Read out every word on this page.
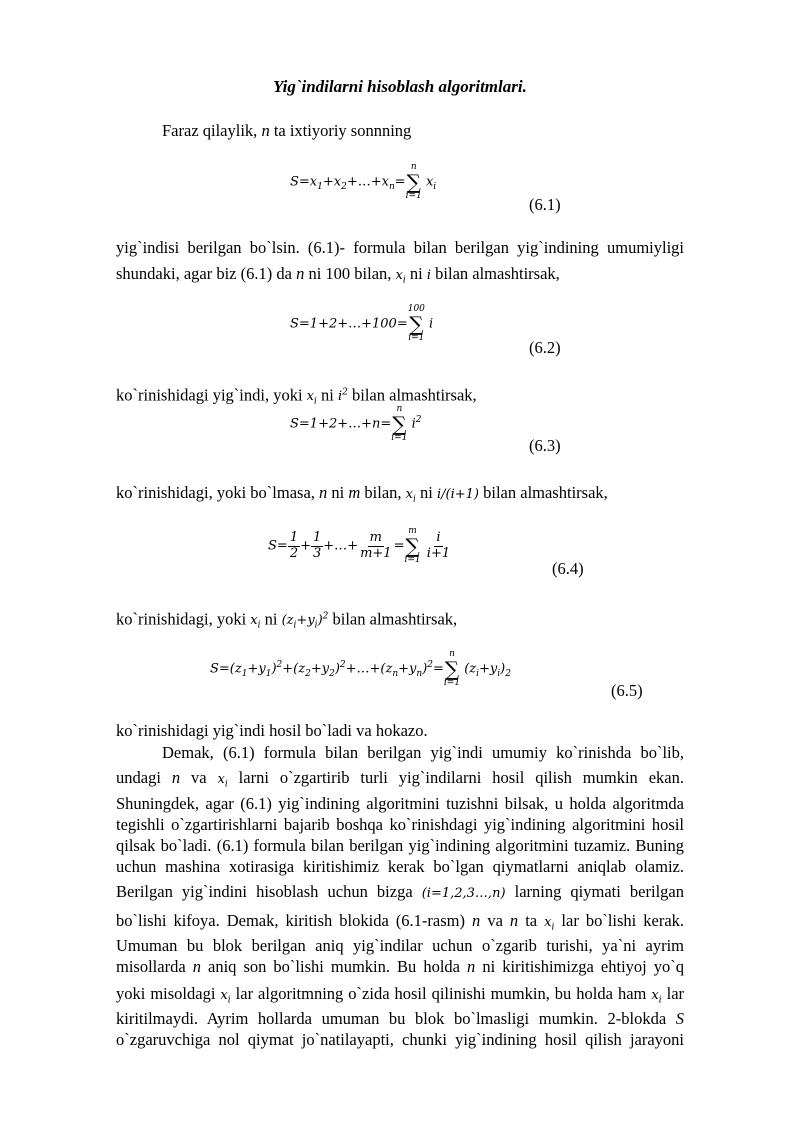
Yig`indilarni hisoblash algoritmlari.
Faraz qilaylik, n ta ixtiyoriy sonnning
$S=x_1+x_2+\dots+x_n=$
n
∑
i=1
$x_i$
(6.1)
yig`indisi berilgan bo`lsin. (6.1)- formula bilan berilgan yig`indining umumiyligi
shundaki, agar biz (6.1) da n ni 100 bilan, $x_i$ ni i bilan almashtirsak,
S=1+2+…+100=
100
∑
i=1
i
(6.2)
ko`rinishidagi yig`indi, yoki $x_i$ ni $i^2$ bilan almashtirsak,
S=1+2+…+n=
n
∑
i=1
$i^2$
(6.3)
ko`rinishidagi, yoki bo`lmasa, n ni m bilan, $x_i$ ni i/(i+1) bilan almashtirsak,
$S= \frac{1}{2} + \frac{1}{3}$ +…+ $\frac{m}{m+1}$ =
m
∑
i=1
$\frac{i}{i+1}$
(6.4)
ko`rinishidagi, yoki $x_i$ ni $(z_i+y_i)^2$ bilan almashtirsak,
$S=(z_1+y_1)^2+(z_2+y_2)^2+\dots+(z_n+y_n)^2=$
n
∑
i=1
$(z_i+y_i)_2$
(6.5)
ko`rinishidagi yig`indi hosil bo`ladi va hokazo.
Demak, (6.1) formula bilan berilgan yig`indi umumiy ko`rinishda bo`lib,
undagi n va $x_i$ larni o`zgartirib turli yig`indilarni hosil qilish mumkin ekan.
Shuningdek, agar (6.1) yig`indining algoritmini tuzishni bilsak, u holda algoritmda
tegishli o`zgartirishlarni bajarib boshqa ko`rinishdagi yig`indining algoritmini hosil
qilsak bo`ladi. (6.1) formula bilan berilgan yig`indining algoritmini tuzamiz. Buning
uchun mashina xotirasiga kiritishimiz kerak bo`lgan qiymatlarni aniqlab olamiz.
Berilgan yig`indini hisoblash uchun bizga (i=1,2,3…,n) larning qiymati berilgan
bo`lishi kifoya. Demak, kiritish blokida (6.1-rasm) n va n ta $x_i$ lar bo`lishi kerak.
Umuman bu blok berilgan aniq yig`indilar uchun o`zgarib turishi, ya`ni ayrim
misollarda n aniq son bo`lishi mumkin. Bu holda n ni kiritishimizga ehtiyoj yo`q
yoki misoldagi $x_i$ lar algoritmning o`zida hosil qilinishi mumkin, bu holda ham $x_i$ lar
kiritilmaydi. Ayrim hollarda umuman bu blok bo`lmasligi mumkin. 2-blokda S
o`zgaruvchiga nol qiymat jo`natilayapti, chunki yig`indining hosil qilish jarayoni
